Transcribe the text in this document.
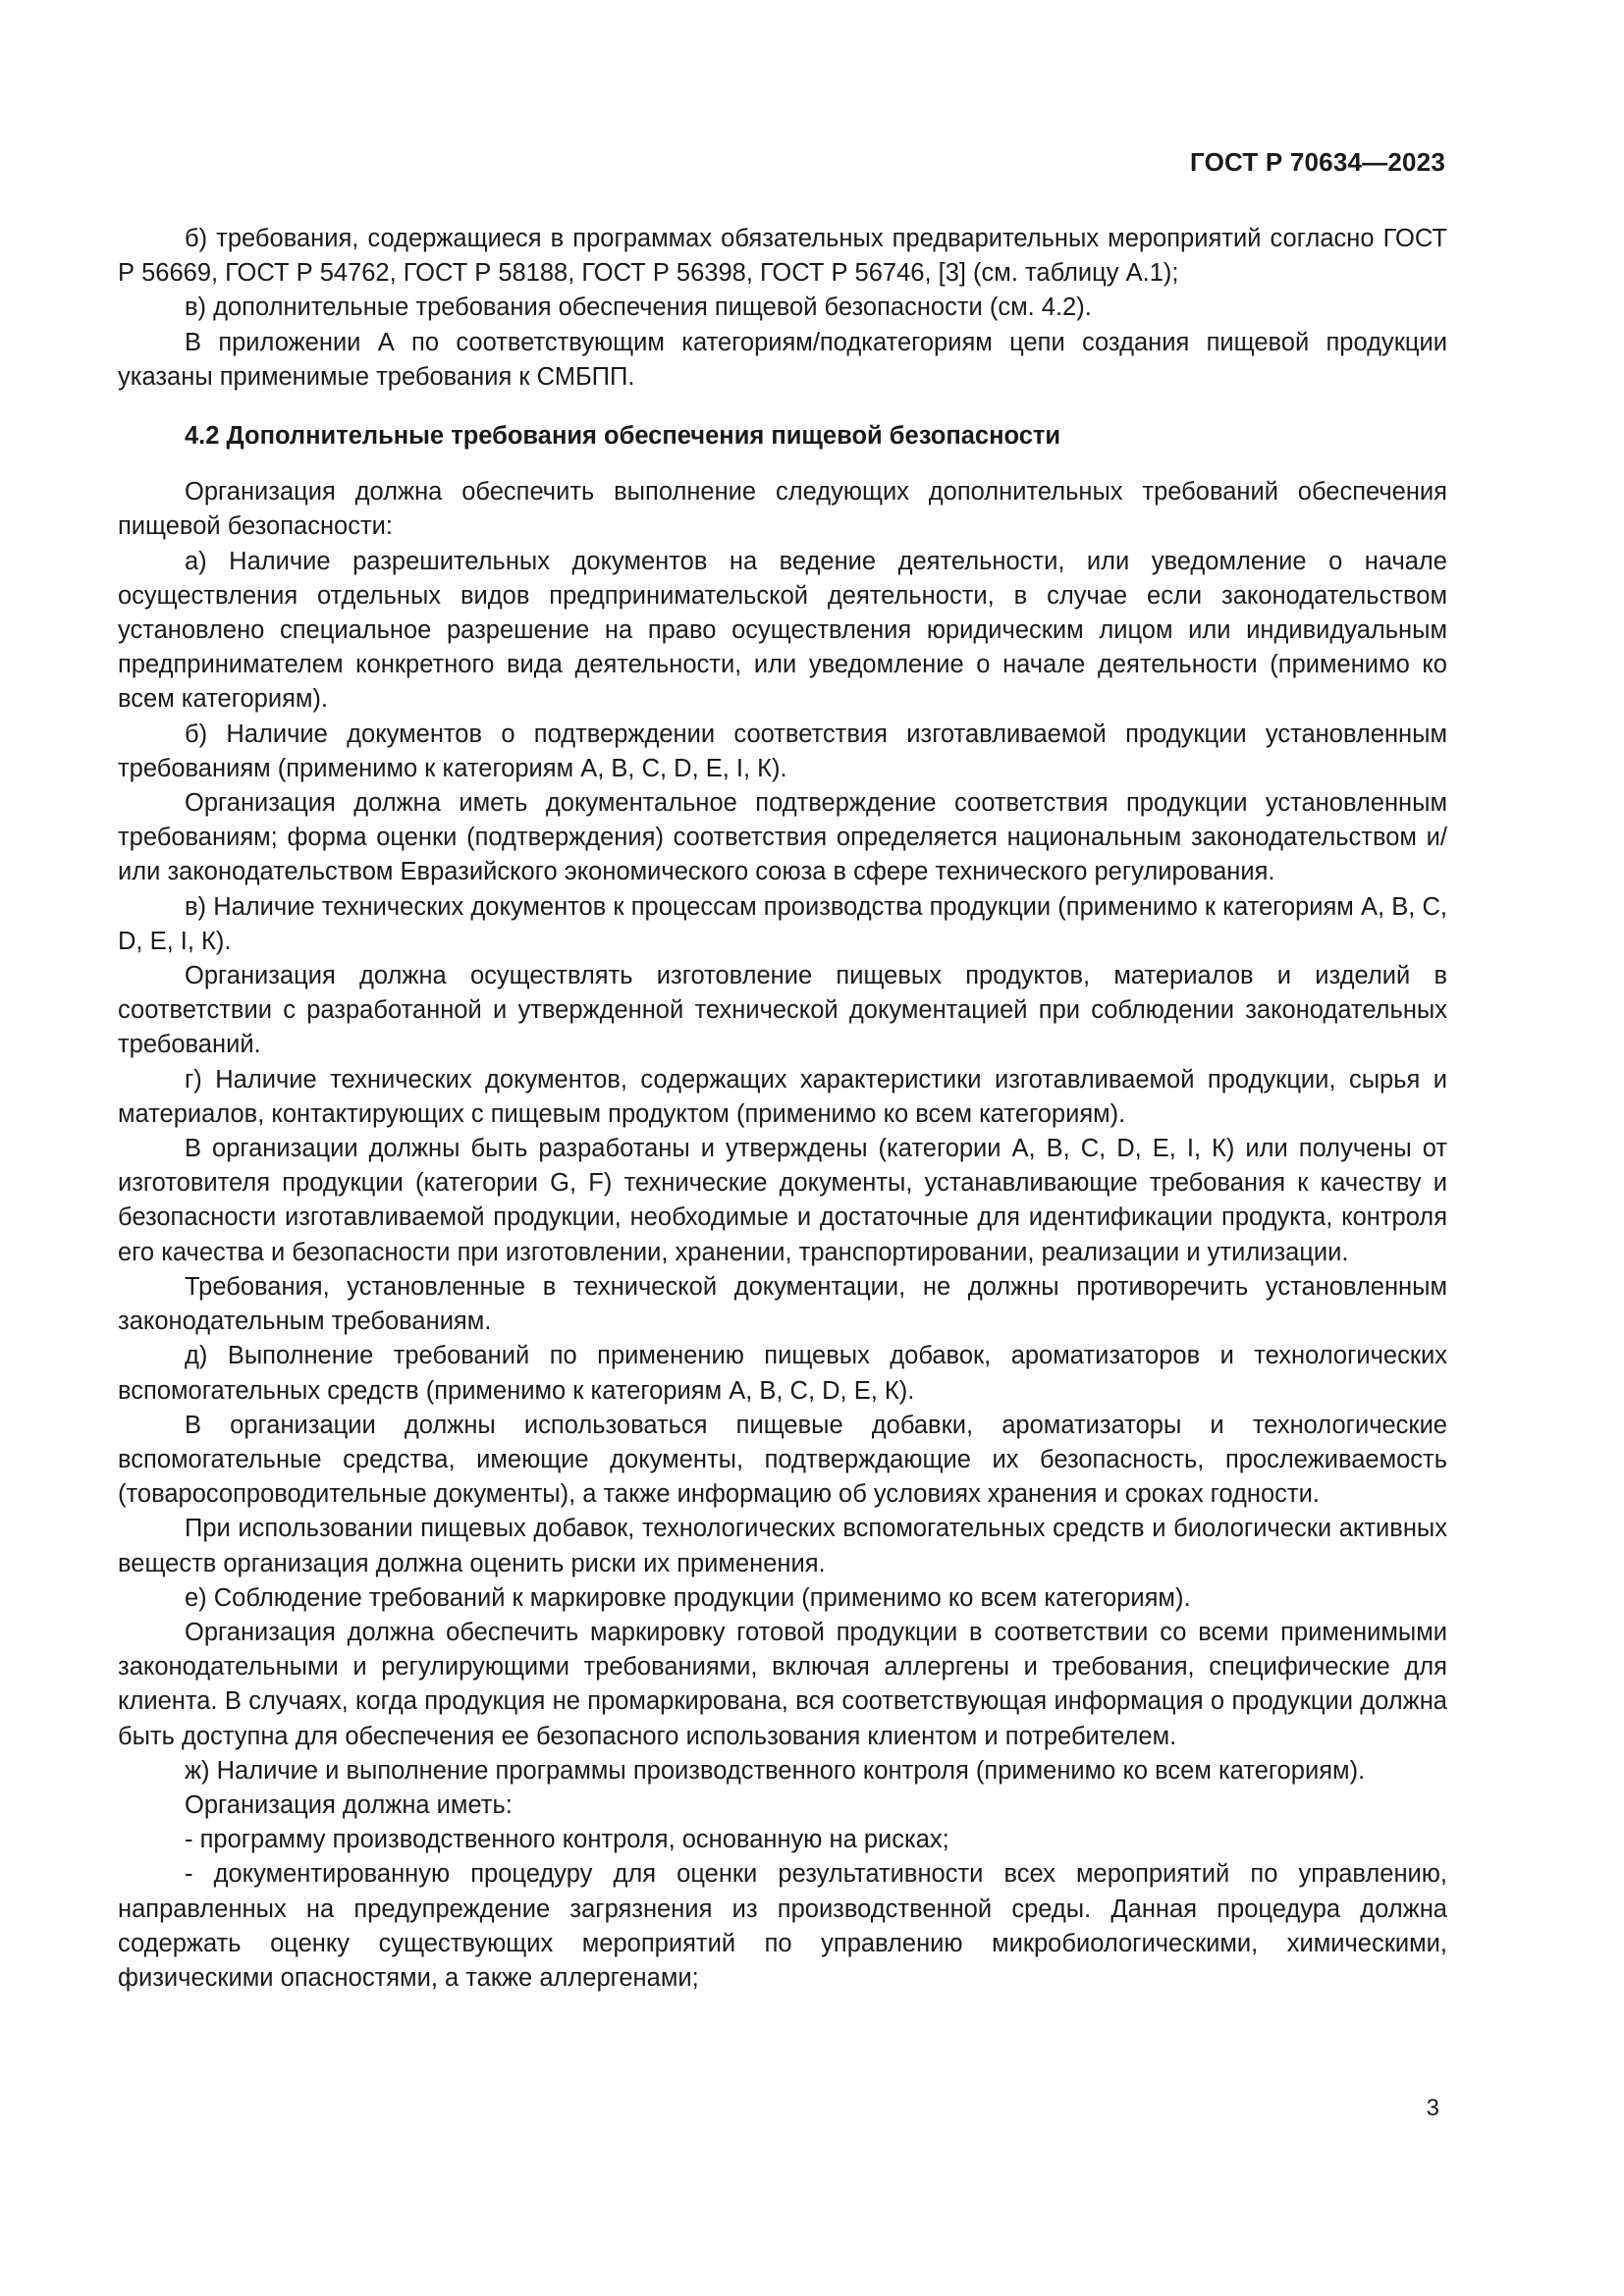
ГОСТ Р 70634—2023

б) требования, содержащиеся в программах обязательных предварительных мероприятий согласно ГОСТ Р 56669, ГОСТ Р 54762, ГОСТ Р 58188, ГОСТ Р 56398, ГОСТ Р 56746, [3] (см. таблицу А.1);

в) дополнительные требования обеспечения пищевой безопасности (см. 4.2).

В приложении А по соответствующим категориям/подкатегориям цепи создания пищевой продукции указаны применимые требования к СМБПП.

4.2 Дополнительные требования обеспечения пищевой безопасности

Организация должна обеспечить выполнение следующих дополнительных требований обеспечения пищевой безопасности:

а) Наличие разрешительных документов на ведение деятельности, или уведомление о начале осуществления отдельных видов предпринимательской деятельности, в случае если законодательством установлено специальное разрешение на право осуществления юридическим лицом или индивидуальным предпринимателем конкретного вида деятельности, или уведомление о начале деятельности (применимо ко всем категориям).

б) Наличие документов о подтверждении соответствия изготавливаемой продукции установленным требованиям (применимо к категориям А, В, С, D, Е, I, К).

Организация должна иметь документальное подтверждение соответствия продукции установленным требованиям; форма оценки (подтверждения) соответствия определяется национальным законодательством и/или законодательством Евразийского экономического союза в сфере технического регулирования.

в) Наличие технических документов к процессам производства продукции (применимо к категориям А, В, С, D, Е, I, К).

Организация должна осуществлять изготовление пищевых продуктов, материалов и изделий в соответствии с разработанной и утвержденной технической документацией при соблюдении законодательных требований.

г) Наличие технических документов, содержащих характеристики изготавливаемой продукции, сырья и материалов, контактирующих с пищевым продуктом (применимо ко всем категориям).

В организации должны быть разработаны и утверждены (категории А, В, С, D, Е, I, К) или получены от изготовителя продукции (категории G, F) технические документы, устанавливающие требования к качеству и безопасности изготавливаемой продукции, необходимые и достаточные для идентификации продукта, контроля его качества и безопасности при изготовлении, хранении, транспортировании, реализации и утилизации.

Требования, установленные в технической документации, не должны противоречить установленным законодательным требованиям.

д) Выполнение требований по применению пищевых добавок, ароматизаторов и технологических вспомогательных средств (применимо к категориям А, В, С, D, Е, К).

В организации должны использоваться пищевые добавки, ароматизаторы и технологические вспомогательные средства, имеющие документы, подтверждающие их безопасность, прослеживаемость (товаросопроводительные документы), а также информацию об условиях хранения и сроках годности.

При использовании пищевых добавок, технологических вспомогательных средств и биологически активных веществ организация должна оценить риски их применения.

е) Соблюдение требований к маркировке продукции (применимо ко всем категориям).

Организация должна обеспечить маркировку готовой продукции в соответствии со всеми применимыми законодательными и регулирующими требованиями, включая аллергены и требования, специфические для клиента. В случаях, когда продукция не промаркирована, вся соответствующая информация о продукции должна быть доступна для обеспечения ее безопасного использования клиентом и потребителем.

ж) Наличие и выполнение программы производственного контроля (применимо ко всем категориям).

Организация должна иметь:

- программу производственного контроля, основанную на рисках;

- документированную процедуру для оценки результативности всех мероприятий по управлению, направленных на предупреждение загрязнения из производственной среды. Данная процедура должна содержать оценку существующих мероприятий по управлению микробиологическими, химическими, физическими опасностями, а также аллергенами;

3
